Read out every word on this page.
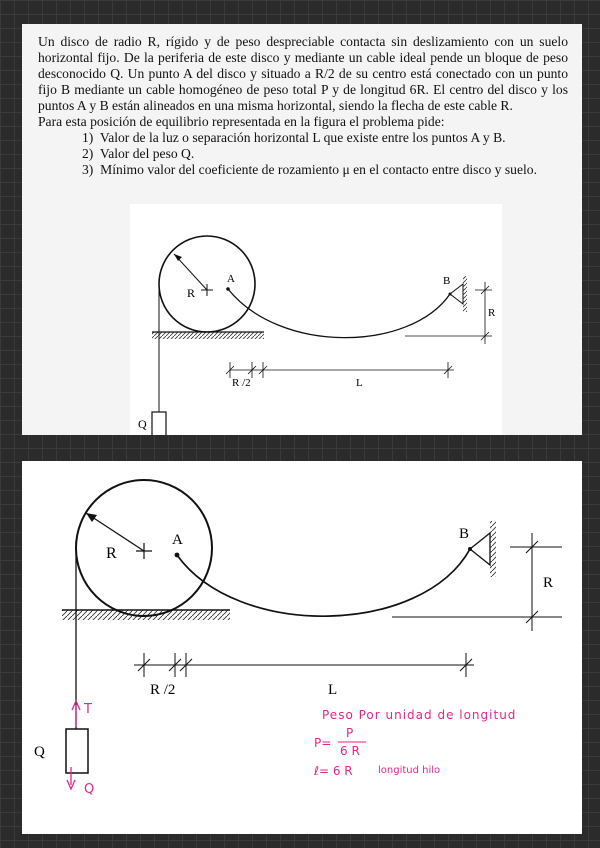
Un disco de radio R, rígido y de peso despreciable contacta sin deslizamiento con un suelo horizontal fijo. De la periferia de este disco y mediante un cable ideal pende un bloque de peso desconocido Q. Un punto A del disco y situado a R/2 de su centro está conectado con un punto fijo B mediante un cable homogéneo de peso total P y de longitud 6R. El centro del disco y los puntos A y B están alineados en una misma horizontal, siendo la flecha de este cable R.

Para esta posición de equilibrio representada en la figura el problema pide:

1) Valor de la luz o separación horizontal L que existe entre los puntos A y B.
2) Valor del peso Q.
3) Mínimo valor del coeficiente de rozamiento μ en el contacto entre disco y suelo.
R
A	B
Q
R
R /2	L
R
A	B
Q
T
Q
R
R /2	L
Peso Por unidad de longitud
P=
P
6 R
ℓ= 6 R	longitud hilo
